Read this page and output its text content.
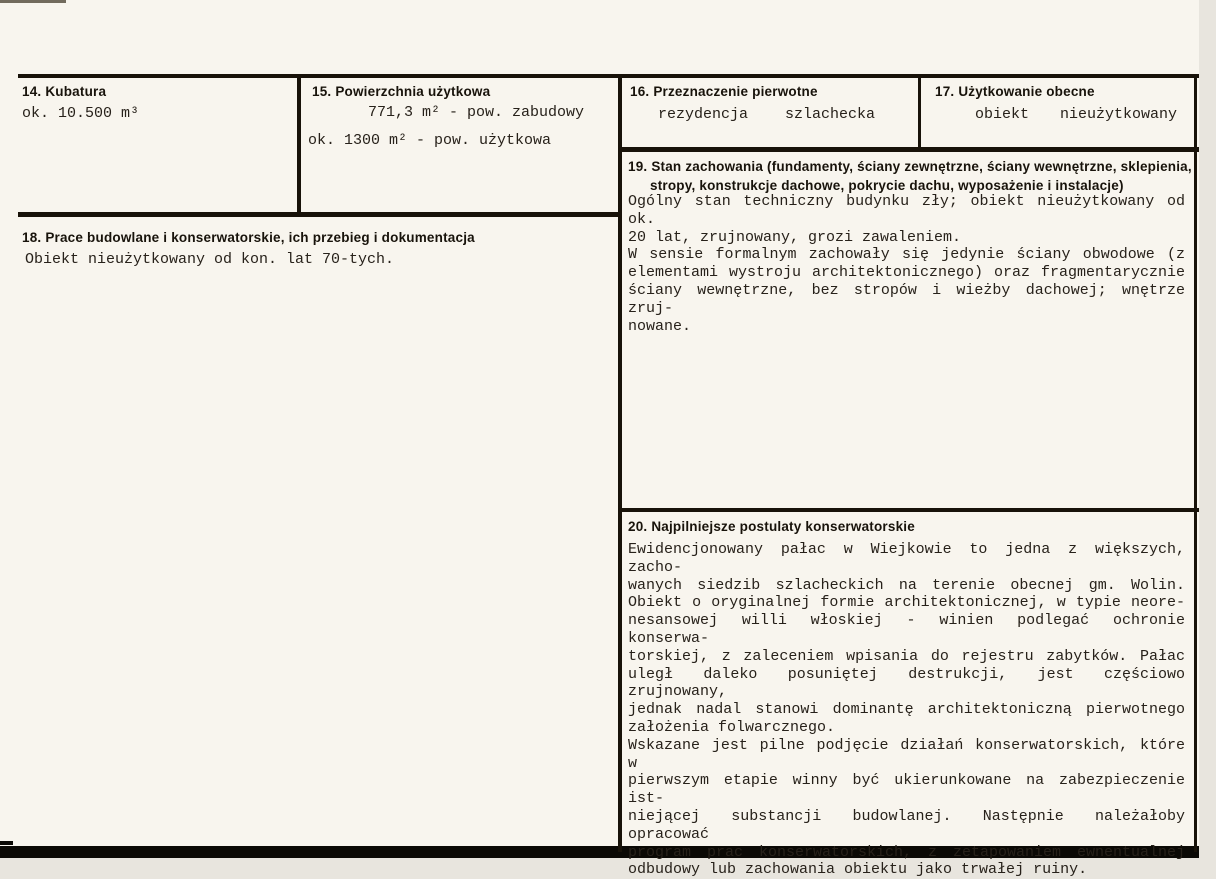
14. Kubatura
ok. 10.500 m³
15. Powierzchnia użytkowa
771,3 m² - pow. zabudowy
ok. 1300 m² - pow. użytkowa
16. Przeznaczenie pierwotne
rezydencja szlachecka
17. Użytkowanie obecne
obiekt nieużytkowany
18. Prace budowlane i konserwatorskie, ich przebieg i dokumentacja
Obiekt nieużytkowany od kon. lat 70-tych.
19. Stan zachowania (fundamenty, ściany zewnętrzne, ściany wewnętrzne, sklepienia,
stropy, konstrukcje dachowe, pokrycie dachu, wyposażenie i instalacje)
Ogólny stan techniczny budynku zły; obiekt nieużytkowany od ok.
20 lat, zrujnowany, grozi zawaleniem.
W sensie formalnym zachowały się jedynie ściany obwodowe (z
elementami wystroju architektonicznego) oraz fragmentarycznie
ściany wewnętrzne, bez stropów i wieżby dachowej; wnętrze zruj-
nowane.
20. Najpilniejsze postulaty konserwatorskie
Ewidencjonowany pałac w Wiejkowie to jedna z większych, zacho-
wanych siedzib szlacheckich na terenie obecnej gm. Wolin.
Obiekt o oryginalnej formie architektonicznej, w typie neore-
nesansowej willi włoskiej - winien podlegać ochronie konserwa-
torskiej, z zaleceniem wpisania do rejestru zabytków. Pałac
uległ daleko posuniętej destrukcji, jest częściowo zrujnowany,
jednak nadal stanowi dominantę architektoniczną pierwotnego
założenia folwarcznego.
Wskazane jest pilne podjęcie działań konserwatorskich, które w
pierwszym etapie winny być ukierunkowane na zabezpieczenie ist-
niejącej substancji budowlanej. Następnie należałoby opracować
program prac konserwatorskich, z zetapowaniem ewnentualnej
odbudowy lub zachowania obiektu jako trwałej ruiny.
